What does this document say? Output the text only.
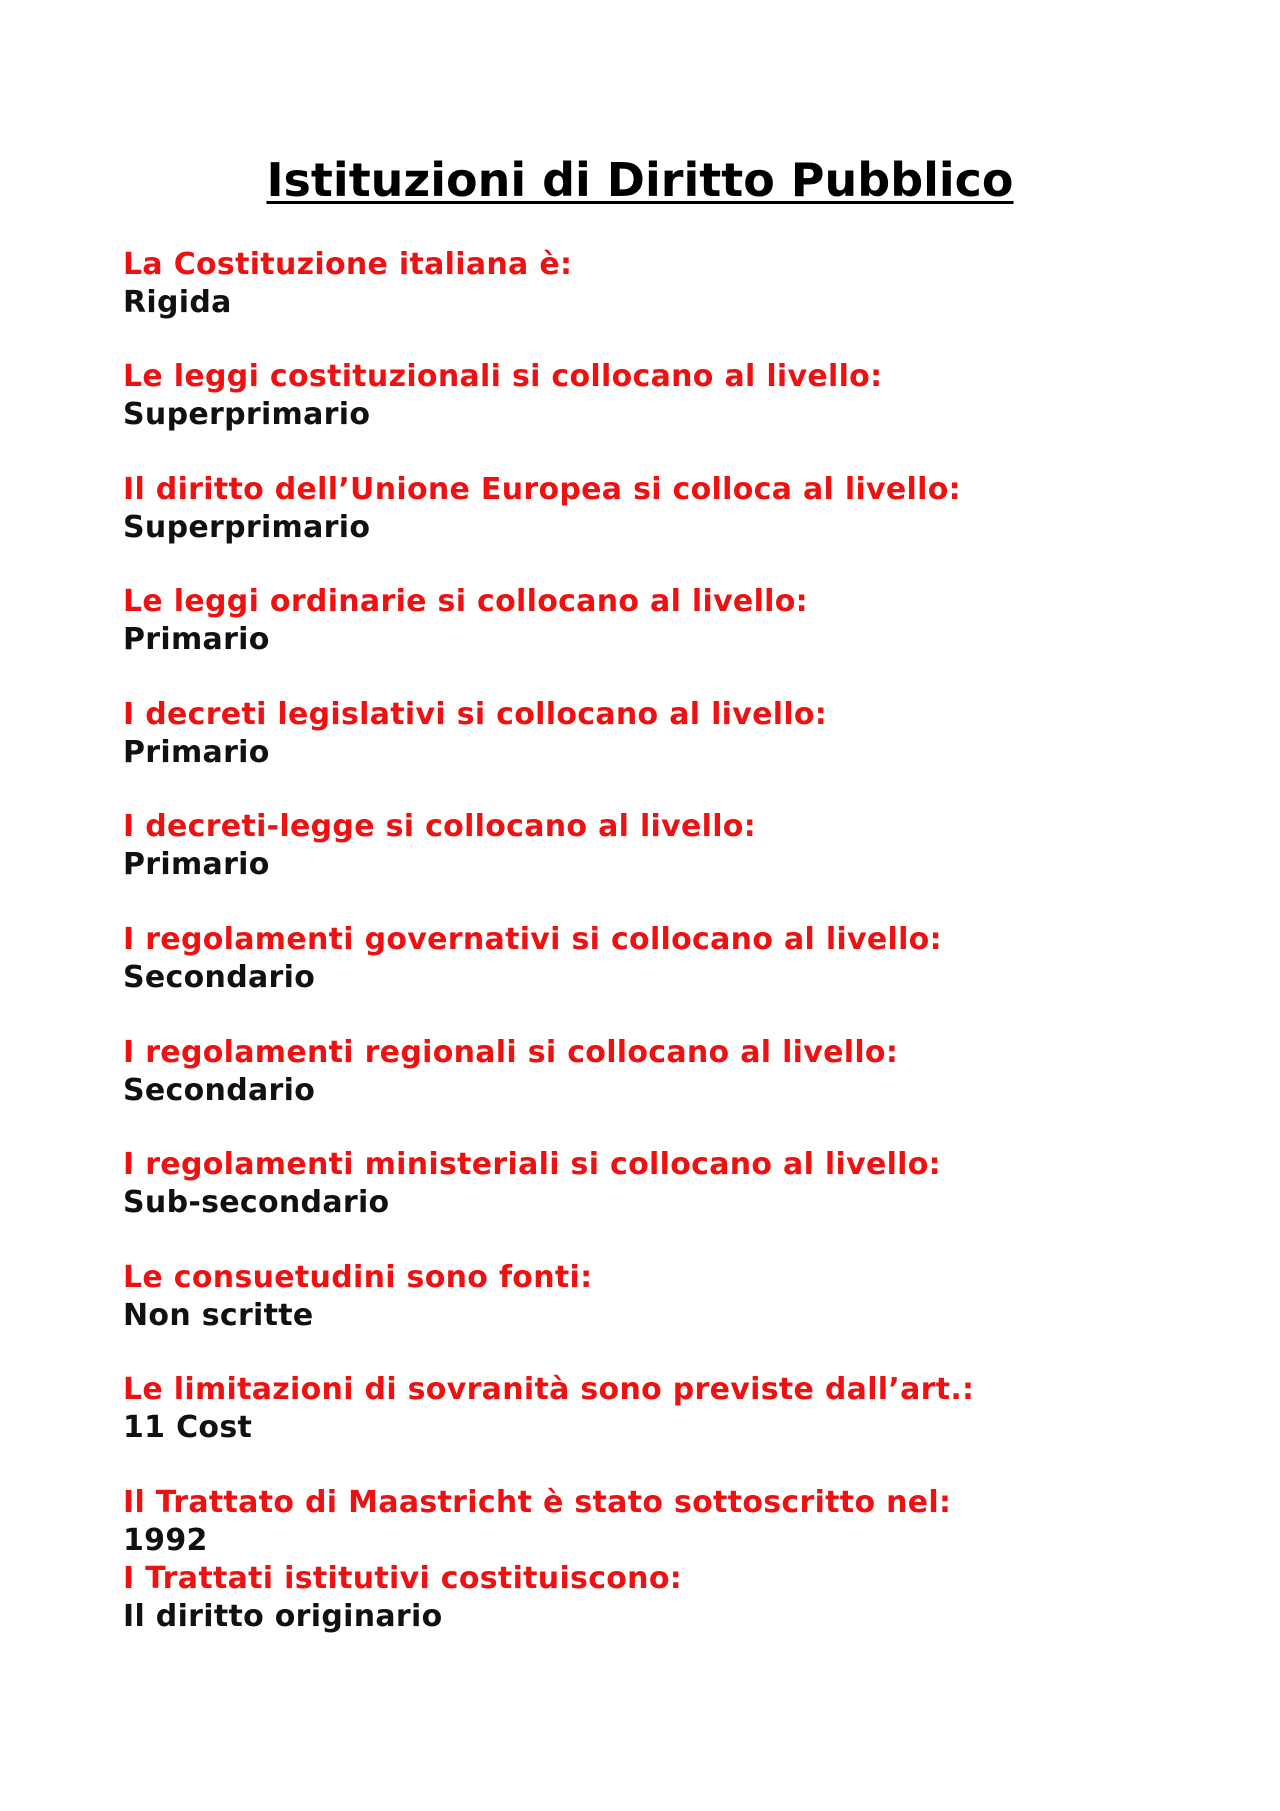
Istituzioni di Diritto Pubblico
La Costituzione italiana è:
Rigida
Le leggi costituzionali si collocano al livello:
Superprimario
Il diritto dell’Unione Europea si colloca al livello:
Superprimario
Le leggi ordinarie si collocano al livello:
Primario
I decreti legislativi si collocano al livello:
Primario
I decreti-legge si collocano al livello:
Primario
I regolamenti governativi si collocano al livello:
Secondario
I regolamenti regionali si collocano al livello:
Secondario
I regolamenti ministeriali si collocano al livello:
Sub-secondario
Le consuetudini sono fonti:
Non scritte
Le limitazioni di sovranità sono previste dall’art.:
11 Cost
Il Trattato di Maastricht è stato sottoscritto nel:
1992
I Trattati istitutivi costituiscono:
Il diritto originario
